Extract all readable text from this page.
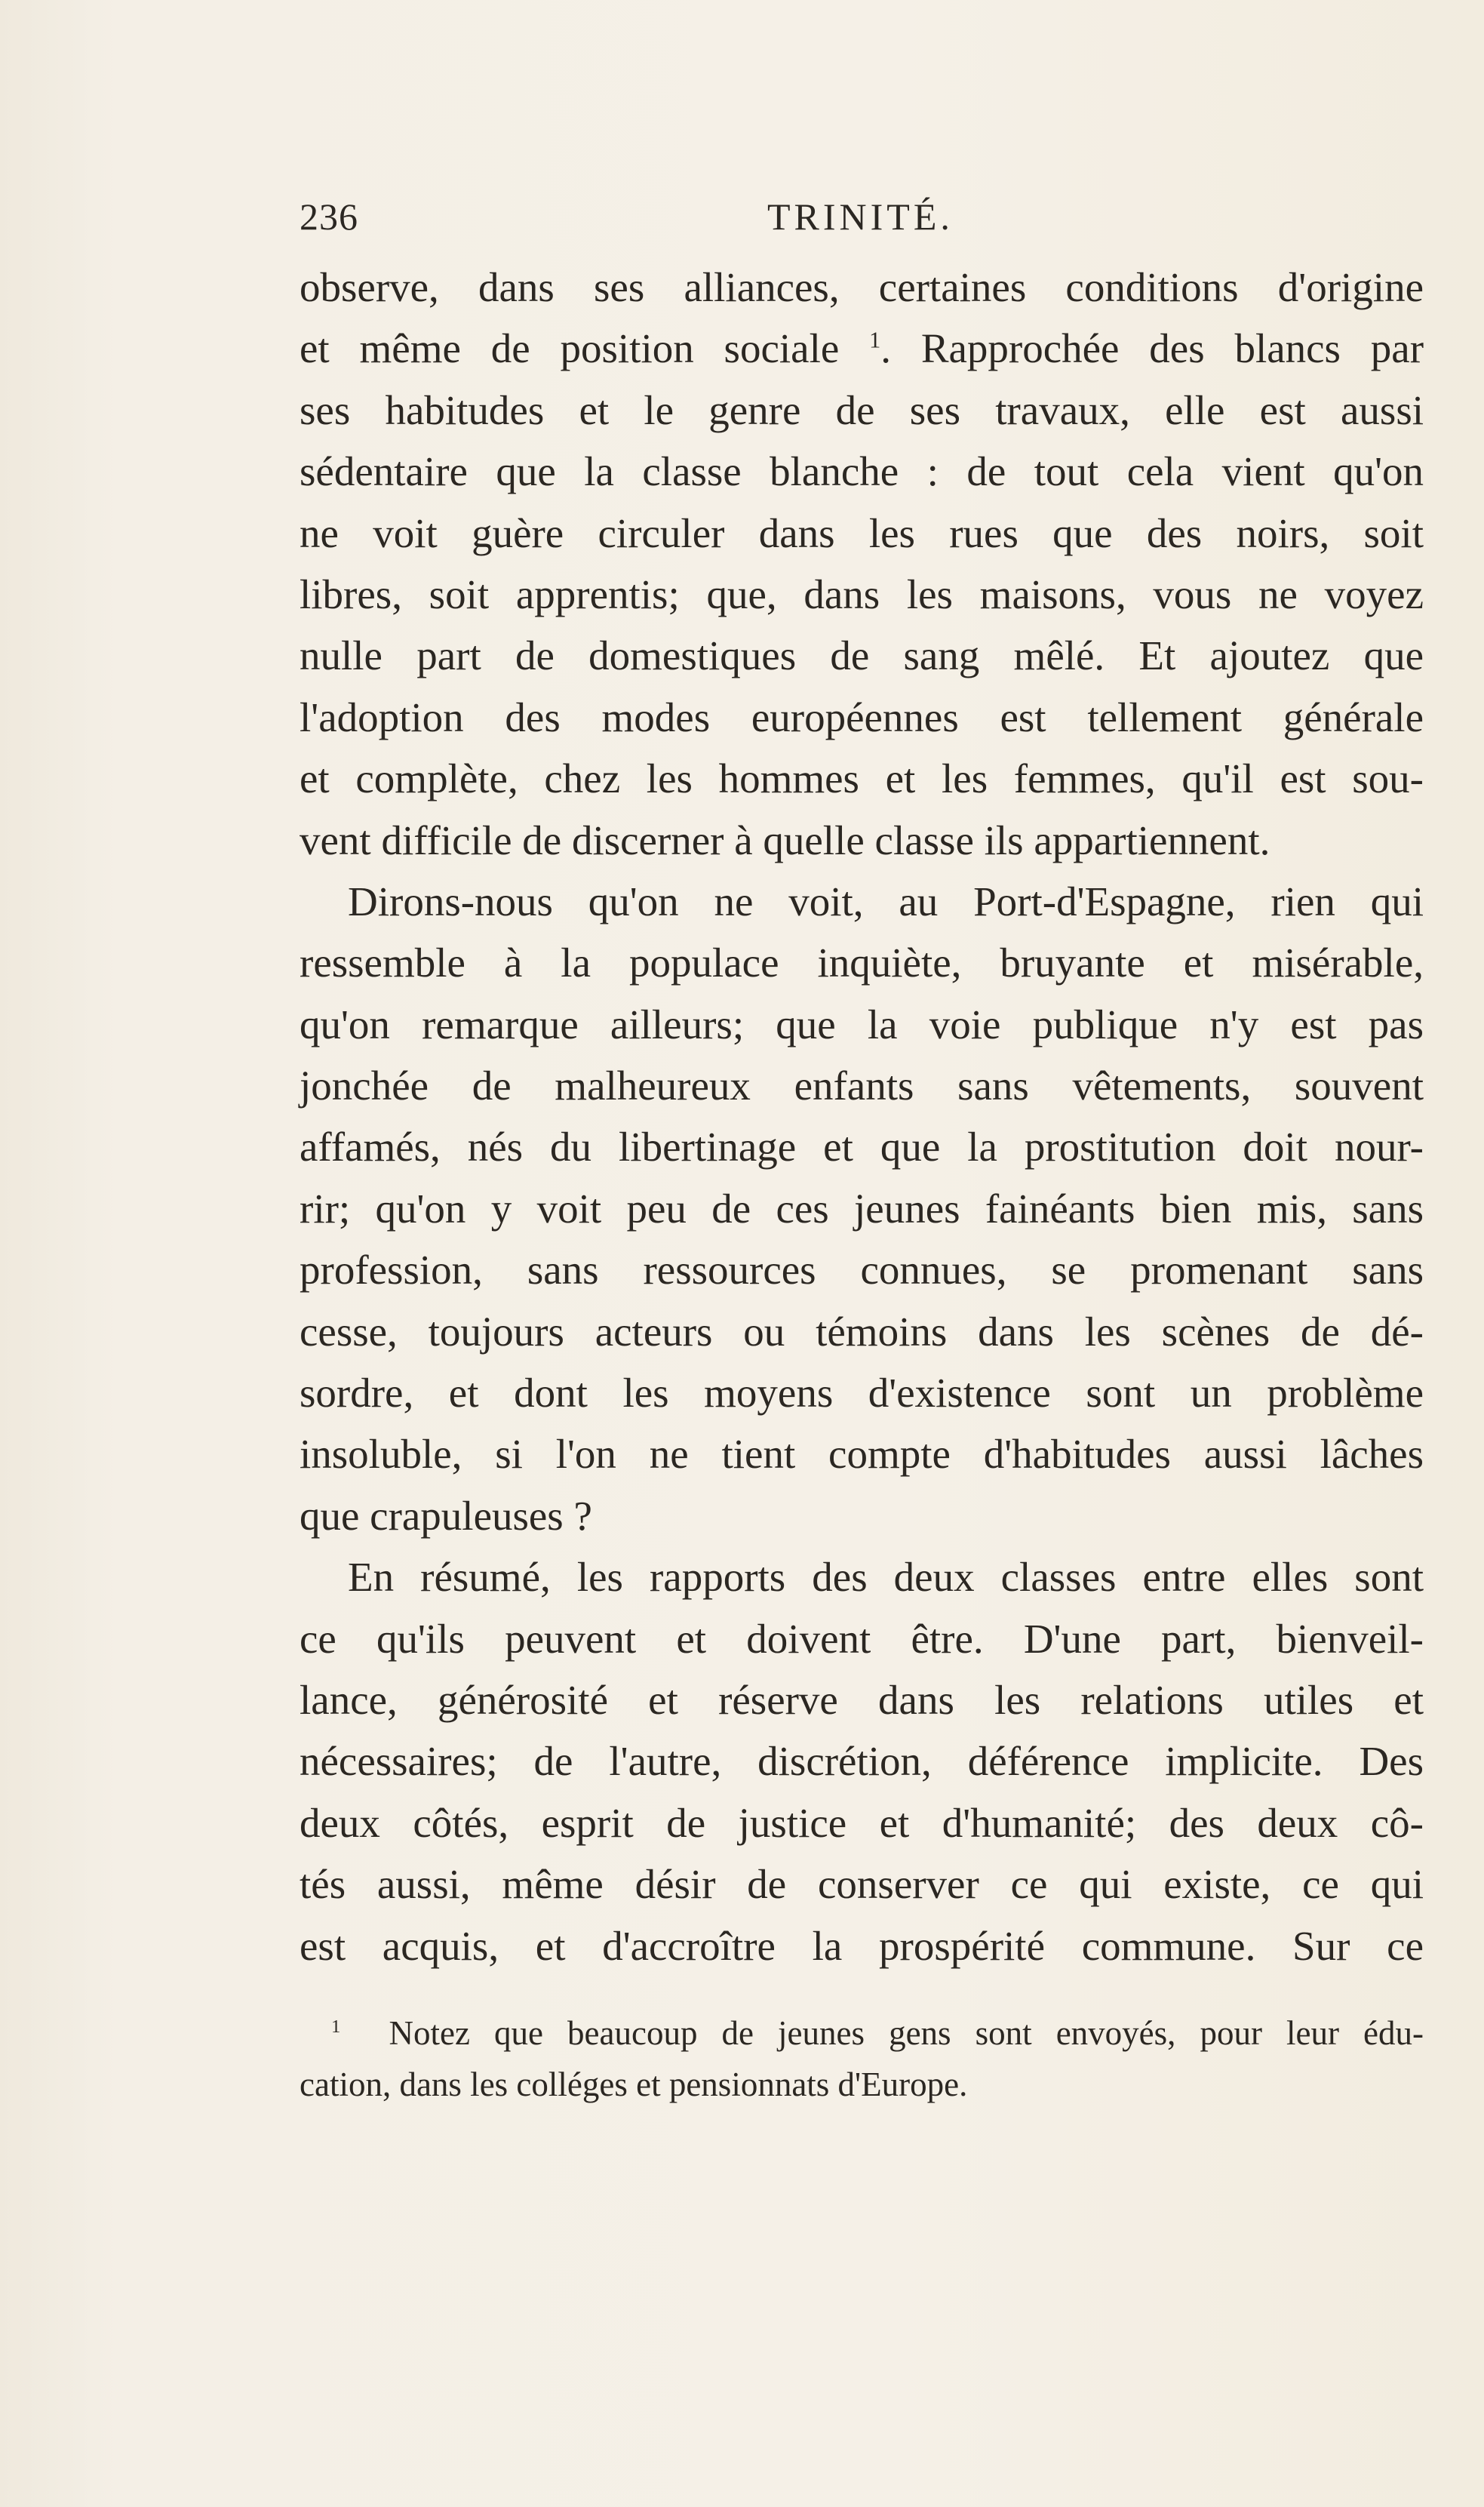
236	TRINITÉ.
observe, dans ses alliances, certaines conditions d'origine
et même de position sociale $^1$. Rapprochée des blancs par
ses habitudes et le genre de ses travaux, elle est aussi
sédentaire que la classe blanche : de tout cela vient qu'on
ne voit guère circuler dans les rues que des noirs, soit
libres, soit apprentis; que, dans les maisons, vous ne voyez
nulle part de domestiques de sang mêlé. Et ajoutez que
l'adoption des modes européennes est tellement générale
et complète, chez les hommes et les femmes, qu'il est sou-
vent difficile de discerner à quelle classe ils appartiennent.
Dirons-nous qu'on ne voit, au Port-d'Espagne, rien qui
ressemble à la populace inquiète, bruyante et misérable,
qu'on remarque ailleurs; que la voie publique n'y est pas
jonchée de malheureux enfants sans vêtements, souvent
affamés, nés du libertinage et que la prostitution doit nour-
rir; qu'on y voit peu de ces jeunes fainéants bien mis, sans
profession, sans ressources connues, se promenant sans
cesse, toujours acteurs ou témoins dans les scènes de dé-
sordre, et dont les moyens d'existence sont un problème
insoluble, si l'on ne tient compte d'habitudes aussi lâches
que crapuleuses ?
En résumé, les rapports des deux classes entre elles sont
ce qu'ils peuvent et doivent être. D'une part, bienveil-
lance, générosité et réserve dans les relations utiles et
nécessaires; de l'autre, discrétion, déférence implicite. Des
deux côtés, esprit de justice et d'humanité; des deux cô-
tés aussi, même désir de conserver ce qui existe, ce qui
est acquis, et d'accroître la prospérité commune. Sur ce
$^1$ Notez que beaucoup de jeunes gens sont envoyés, pour leur édu-
cation, dans les colléges et pensionnats d'Europe.
